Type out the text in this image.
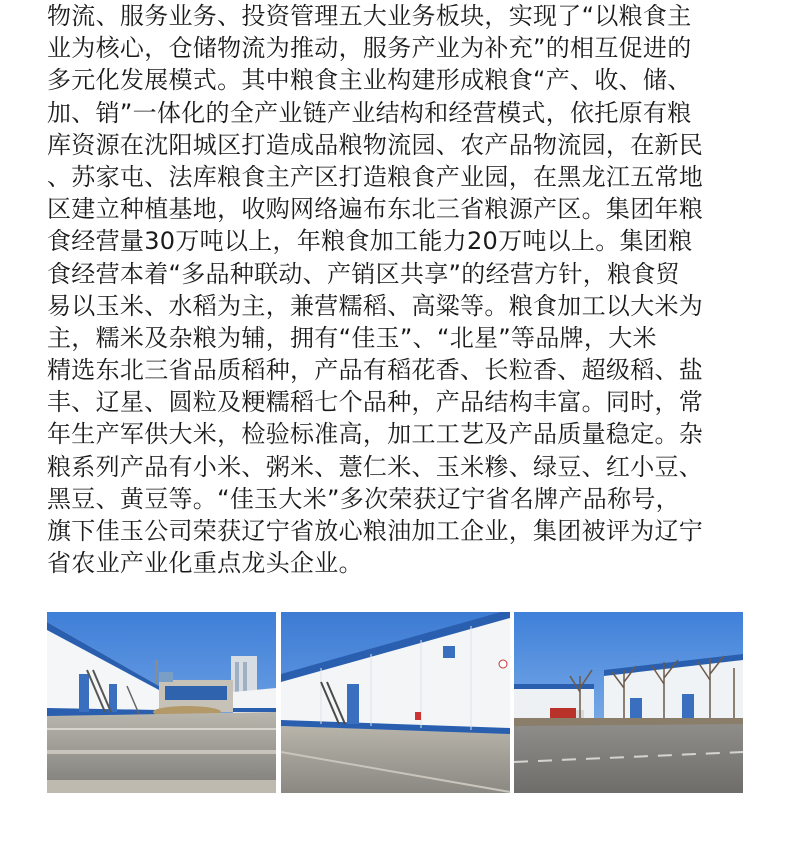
物流、服务业务、投资管理五大业务板块，实现了“以粮食主
业为核心，仓储物流为推动，服务产业为补充”的相互促进的
多元化发展模式。其中粮食主业构建形成粮食“产、收、储、
加、销”一体化的全产业链产业结构和经营模式，依托原有粮
库资源在沈阳城区打造成品粮物流园、农产品物流园，在新民
、苏家屯、法库粮食主产区打造粮食产业园，在黑龙江五常地
区建立种植基地，收购网络遍布东北三省粮源产区。集团年粮
食经营量30万吨以上，年粮食加工能力20万吨以上。集团粮
食经营本着“多品种联动、产销区共享”的经营方针，粮食贸
易以玉米、水稻为主，兼营糯稻、高粱等。粮食加工以大米为
主，糯米及杂粮为辅，拥有“佳玉”、“北星”等品牌，大米
精选东北三省品质稻种，产品有稻花香、长粒香、超级稻、盐
丰、辽星、圆粒及粳糯稻七个品种，产品结构丰富。同时，常
年生产军供大米，检验标准高，加工工艺及产品质量稳定。杂
粮系列产品有小米、粥米、薏仁米、玉米糁、绿豆、红小豆、
黑豆、黄豆等。“佳玉大米”多次荣获辽宁省名牌产品称号，
旗下佳玉公司荣获辽宁省放心粮油加工企业，集团被评为辽宁
省农业产业化重点龙头企业。
